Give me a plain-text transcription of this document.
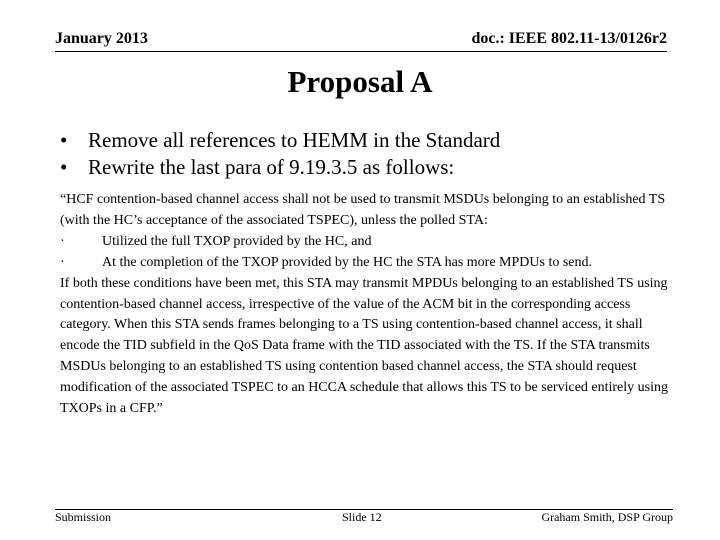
January 2013	doc.: IEEE 802.11-13/0126r2
Proposal A
• Remove all references to HEMM in the Standard
• Rewrite the last para of 9.19.3.5 as follows:

“HCF contention-based channel access shall not be used to transmit MSDUs belonging to an established TS (with the HC’s acceptance of the associated TSPEC), unless the polled STA:

·	Utilized the full TXOP provided by the HC, and

·	At the completion of the TXOP provided by the HC the STA has more MPDUs to send.

If both these conditions have been met, this STA may transmit MPDUs belonging to an established TS using contention-based channel access, irrespective of the value of the ACM bit in the corresponding access category. When this STA sends frames belonging to a TS using contention-based channel access, it shall encode the TID subfield in the QoS Data frame with the TID associated with the TS. If the STA transmits MSDUs belonging to an established TS using contention based channel access, the STA should request modification of the associated TSPEC to an HCCA schedule that allows this TS to be serviced entirely using TXOPs in a CFP.”

Submission	Slide 12	Graham Smith, DSP Group
